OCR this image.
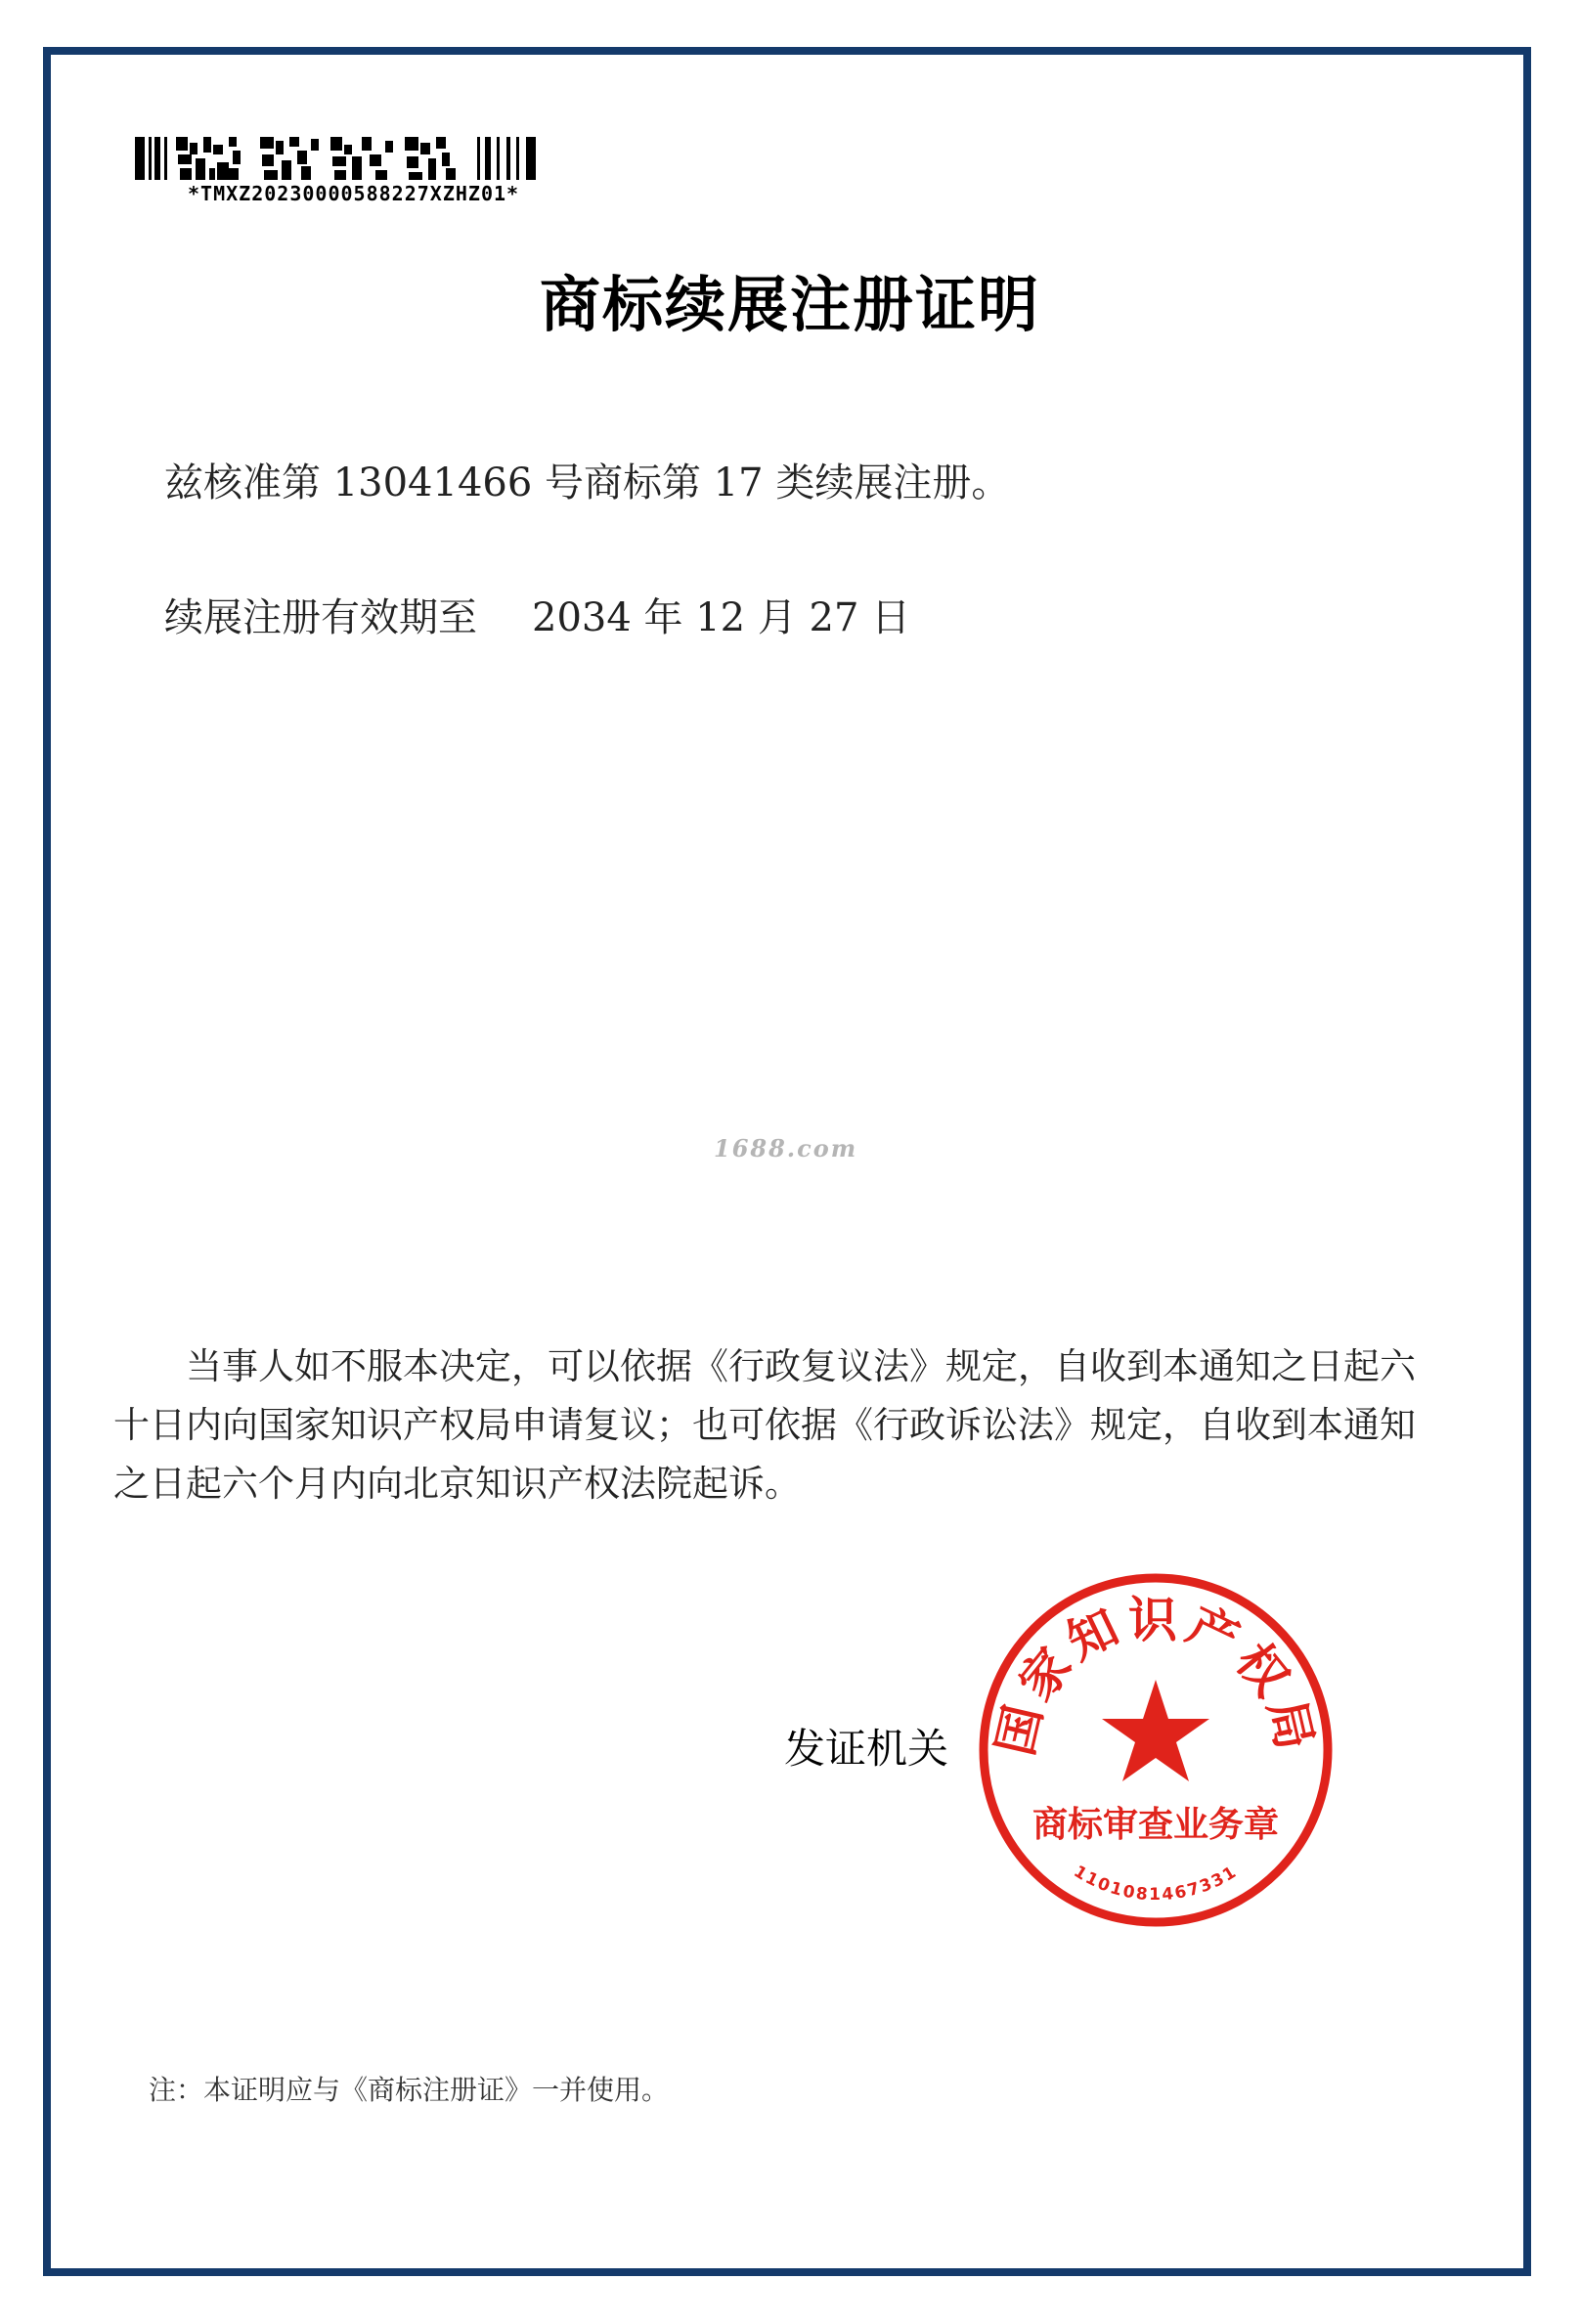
*TMXZ20230000588227XZHZ01*
商标续展注册证明
兹核准第 13041466 号商标第 17 类续展注册。
续展注册有效期至 2034 年 12 月 27 日
1688.com
当事人如不服本决定，可以依据《行政复议法》规定，自收到本通知之日起六十日内向国家知识产权局申请复议；也可依据《行政诉讼法》规定，自收到本通知之日起六个月内向北京知识产权法院起诉。
发证机关 国家知识产权局
商标审查业务章
1101081467331
注：本证明应与《商标注册证》一并使用。
